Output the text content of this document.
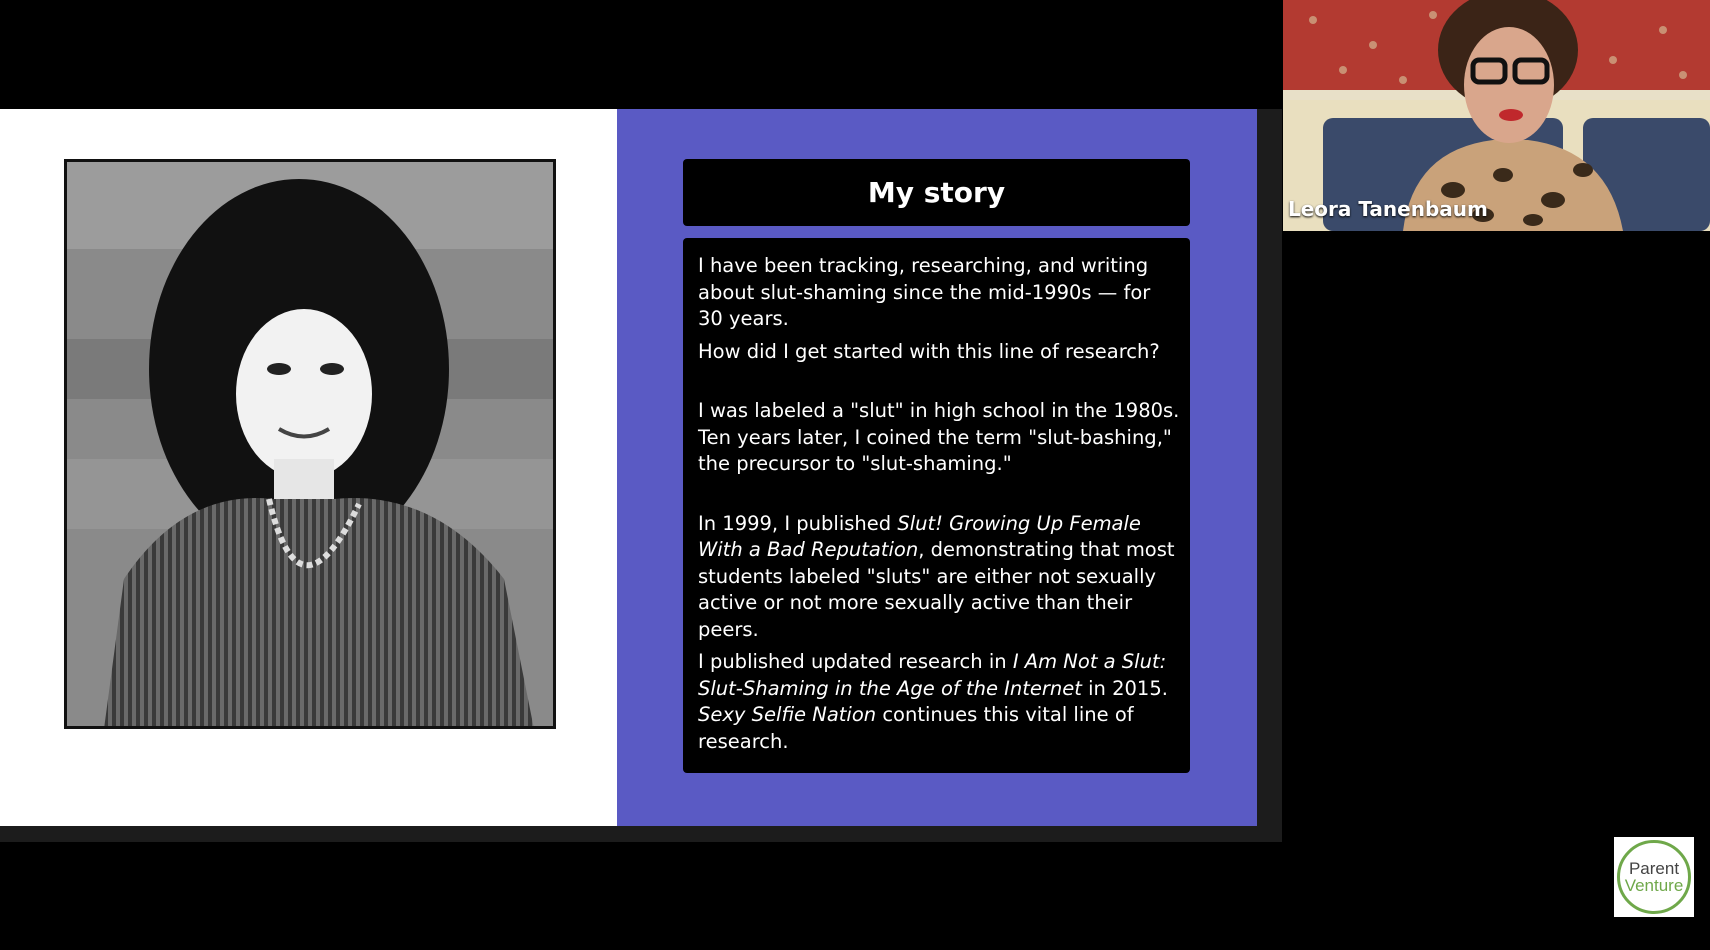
My story

I have been tracking, researching, and writing about slut-shaming since the mid-1990s — for 30 years.

How did I get started with this line of research?

I was labeled a "slut" in high school in the 1980s. Ten years later, I coined the term "slut-bashing," the precursor to "slut-shaming."

In 1999, I published Slut! Growing Up Female With a Bad Reputation, demonstrating that most students labeled "sluts" are either not sexually active or not more sexually active than their peers.

I published updated research in I Am Not a Slut: Slut-Shaming in the Age of the Internet in 2015. Sexy Selfie Nation continues this vital line of research.

Leora Tanenbaum
Parent
Venture
